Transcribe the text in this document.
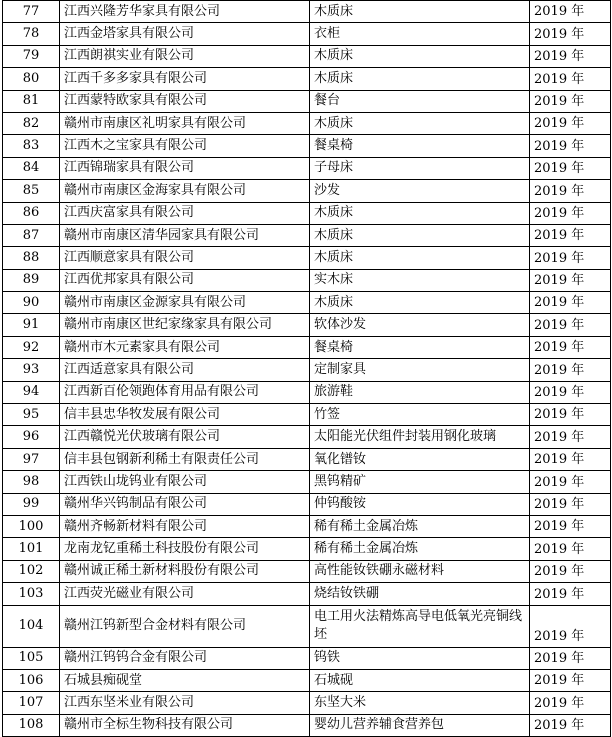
77	江西兴隆芳华家具有限公司	木质床	2019 年
78	江西金塔家具有限公司	衣柜	2019 年
79	江西朗祺实业有限公司	木质床	2019 年
80	江西千多多家具有限公司	木质床	2019 年
81	江西蒙特欧家具有限公司	餐台	2019 年
82	赣州市南康区礼明家具有限公司	木质床	2019 年
83	江西木之宝家具有限公司	餐桌椅	2019 年
84	江西锦瑞家具有限公司	子母床	2019 年
85	赣州市南康区金海家具有限公司	沙发	2019 年
86	江西庆富家具有限公司	木质床	2019 年
87	赣州市南康区清华园家具有限公司	木质床	2019 年
88	江西顺意家具有限公司	木质床	2019 年
89	江西优邦家具有限公司	实木床	2019 年
90	赣州市南康区金源家具有限公司	木质床	2019 年
91	赣州市南康区世纪家缘家具有限公司	软体沙发	2019 年
92	赣州市木元素家具有限公司	餐桌椅	2019 年
93	江西适意家具有限公司	定制家具	2019 年
94	江西新百伦领跑体育用品有限公司	旅游鞋	2019 年
95	信丰县忠华牧发展有限公司	竹签	2019 年
96	江西赣悦光伏玻璃有限公司	太阳能光伏组件封装用钢化玻璃	2019 年
97	信丰县包钢新利稀土有限责任公司	氧化镨钕	2019 年
98	江西铁山垅钨业有限公司	黑钨精矿	2019 年
99	赣州华兴钨制品有限公司	仲钨酸铵	2019 年
100	赣州齐畅新材料有限公司	稀有稀土金属冶炼	2019 年
101	龙南龙钇重稀土科技股份有限公司	稀有稀土金属冶炼	2019 年
102	赣州诚正稀土新材料股份有限公司	高性能钕铁硼永磁材料	2019 年
103	江西荧光磁业有限公司	烧结钕铁硼	2019 年
104	赣州江钨新型合金材料有限公司	电工用火法精炼高导电低氧光亮铜线坯	2019 年
105	赣州江钨钨合金有限公司	钨铁	2019 年
106	石城县痴砚堂	石城砚	2019 年
107	江西东坚米业有限公司	东坚大米	2019 年
108	赣州市全标生物科技有限公司	婴幼儿营养辅食营养包	2019 年
